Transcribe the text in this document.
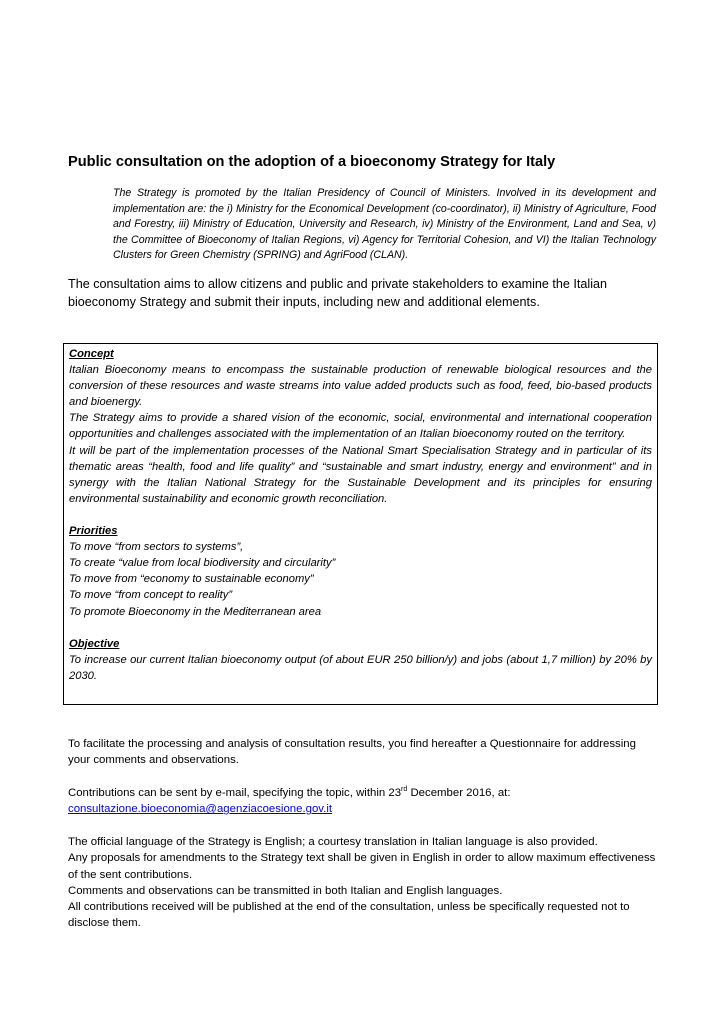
Public consultation on the adoption of a bioeconomy Strategy for Italy

The Strategy is promoted by the Italian Presidency of Council of Ministers. Involved in its development and implementation are: the i) Ministry for the Economical Development (co-coordinator), ii) Ministry of Agriculture, Food and Forestry, iii) Ministry of Education, University and Research, iv) Ministry of the Environment, Land and Sea, v) the Committee of Bioeconomy of Italian Regions, vi) Agency for Territorial Cohesion, and VI) the Italian Technology Clusters for Green Chemistry (SPRING) and AgriFood (CLAN).

The consultation aims to allow citizens and public and private stakeholders to examine the Italian bioeconomy Strategy and submit their inputs, including new and additional elements.

Concept

Italian Bioeconomy means to encompass the sustainable production of renewable biological resources and the conversion of these resources and waste streams into value added products such as food, feed, bio-based products and bioenergy.

The Strategy aims to provide a shared vision of the economic, social, environmental and international cooperation opportunities and challenges associated with the implementation of an Italian bioeconomy routed on the territory.

It will be part of the implementation processes of the National Smart Specialisation Strategy and in particular of its thematic areas “health, food and life quality” and “sustainable and smart industry, energy and environment” and in synergy with the Italian National Strategy for the Sustainable Development and its principles for ensuring environmental sustainability and economic growth reconciliation.

Priorities

To move “from sectors to systems”,

To create “value from local biodiversity and circularity”

To move from “economy to sustainable economy”

To move “from concept to reality”

To promote Bioeconomy in the Mediterranean area

Objective

To increase our current Italian bioeconomy output (of about EUR 250 billion/y) and jobs (about 1,7 million) by 20% by 2030.

To facilitate the processing and analysis of consultation results, you find hereafter a Questionnaire for addressing your comments and observations.

Contributions can be sent by e-mail, specifying the topic, within 23rd December 2016, at:

consultazione.bioeconomia@agenziacoesione.gov.it

The official language of the Strategy is English; a courtesy translation in Italian language is also provided.

Any proposals for amendments to the Strategy text shall be given in English in order to allow maximum effectiveness of the sent contributions.

Comments and observations can be transmitted in both Italian and English languages.

All contributions received will be published at the end of the consultation, unless be specifically requested not to disclose them.
